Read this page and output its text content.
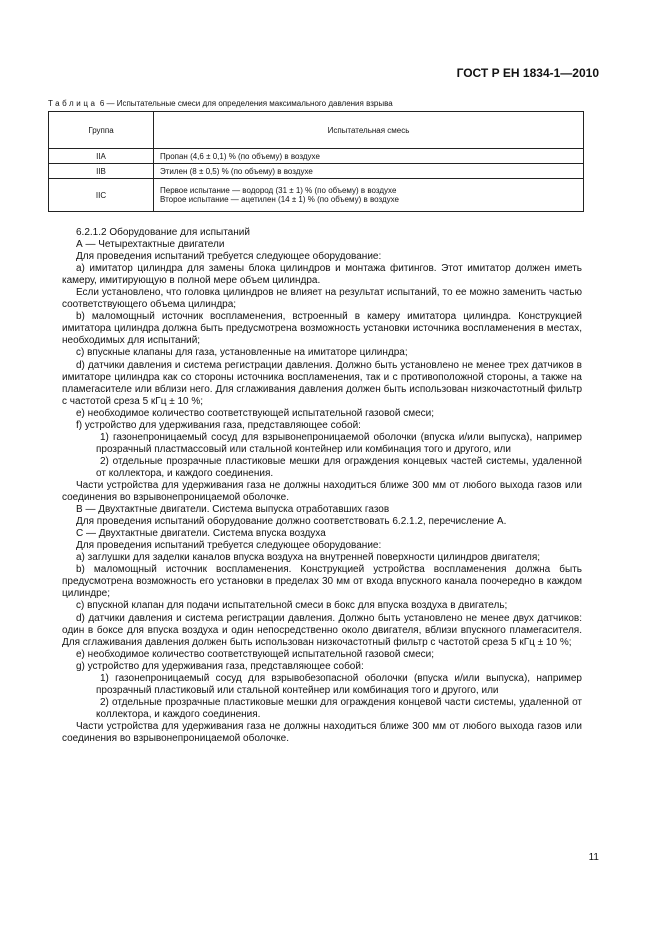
ГОСТ Р ЕН 1834-1—2010
Таблица 6 — Испытательные смеси для определения максимального давления взрыва
Группа	Испытательная смесь
IIA	Пропан (4,6 ± 0,1) % (по объему) в воздухе
IIB	Этилен (8 ± 0,5) % (по объему) в воздухе
IIC	Первое испытание — водород (31 ± 1) % (по объему) в воздухе
Второе испытание — ацетилен (14 ± 1) % (по объему) в воздухе

6.2.1.2 Оборудование для испытаний

А — Четырехтактные двигатели

Для проведения испытаний требуется следующее оборудование:

а) имитатор цилиндра для замены блока цилиндров и монтажа фитингов. Этот имитатор должен иметь камеру, имитирующую в полной мере объем цилиндра.

Если установлено, что головка цилиндров не влияет на результат испытаний, то ее можно заменить частью соответствующего объема цилиндра;

b) маломощный источник воспламенения, встроенный в камеру имитатора цилиндра. Конструкцией имитатора цилиндра должна быть предусмотрена возможность установки источника воспламенения в местах, необходимых для испытаний;

c) впускные клапаны для газа, установленные на имитаторе цилиндра;

d) датчики давления и система регистрации давления. Должно быть установлено не менее трех датчиков в имитаторе цилиндра как со стороны источника воспламенения, так и с противоположной стороны, а также на пламегасителе или вблизи него. Для сглаживания давления должен быть использован низкочастотный фильтр с частотой среза 5 кГц ± 10 %;

e) необходимое количество соответствующей испытательной газовой смеси;

f) устройство для удерживания газа, представляющее собой:

1) газонепроницаемый сосуд для взрывонепроницаемой оболочки (впуска и/или выпуска), например прозрачный пластмассовый или стальной контейнер или комбинация того и другого, или

2) отдельные прозрачные пластиковые мешки для ограждения концевых частей системы, удаленной от коллектора, и каждого соединения.

Части устройства для удерживания газа не должны находиться ближе 300 мм от любого выхода газов или соединения во взрывонепроницаемой оболочке.

В — Двухтактные двигатели. Система выпуска отработавших газов

Для проведения испытаний оборудование должно соответствовать 6.2.1.2, перечисление А.

С — Двухтактные двигатели. Система впуска воздуха

Для проведения испытаний требуется следующее оборудование:

а) заглушки для заделки каналов впуска воздуха на внутренней поверхности цилиндров двигателя;

b) маломощный источник воспламенения. Конструкцией устройства воспламенения должна быть предусмотрена возможность его установки в пределах 30 мм от входа впускного канала поочередно в каждом цилиндре;

c) впускной клапан для подачи испытательной смеси в бокс для впуска воздуха в двигатель;

d) датчики давления и система регистрации давления. Должно быть установлено не менее двух датчиков: один в боксе для впуска воздуха и один непосредственно около двигателя, вблизи впускного пламегасителя. Для сглаживания давления должен быть использован низкочастотный фильтр с частотой среза 5 кГц ± 10 %;

e) необходимое количество соответствующей испытательной газовой смеси;

g) устройство для удерживания газа, представляющее собой:

1) газонепроницаемый сосуд для взрывобезопасной оболочки (впуска и/или выпуска), например прозрачный пластиковый или стальной контейнер или комбинация того и другого, или

2) отдельные прозрачные пластиковые мешки для ограждения концевой части системы, удаленной от коллектора, и каждого соединения.

Части устройства для удерживания газа не должны находиться ближе 300 мм от любого выхода газов или соединения во взрывонепроницаемой оболочке.

11
